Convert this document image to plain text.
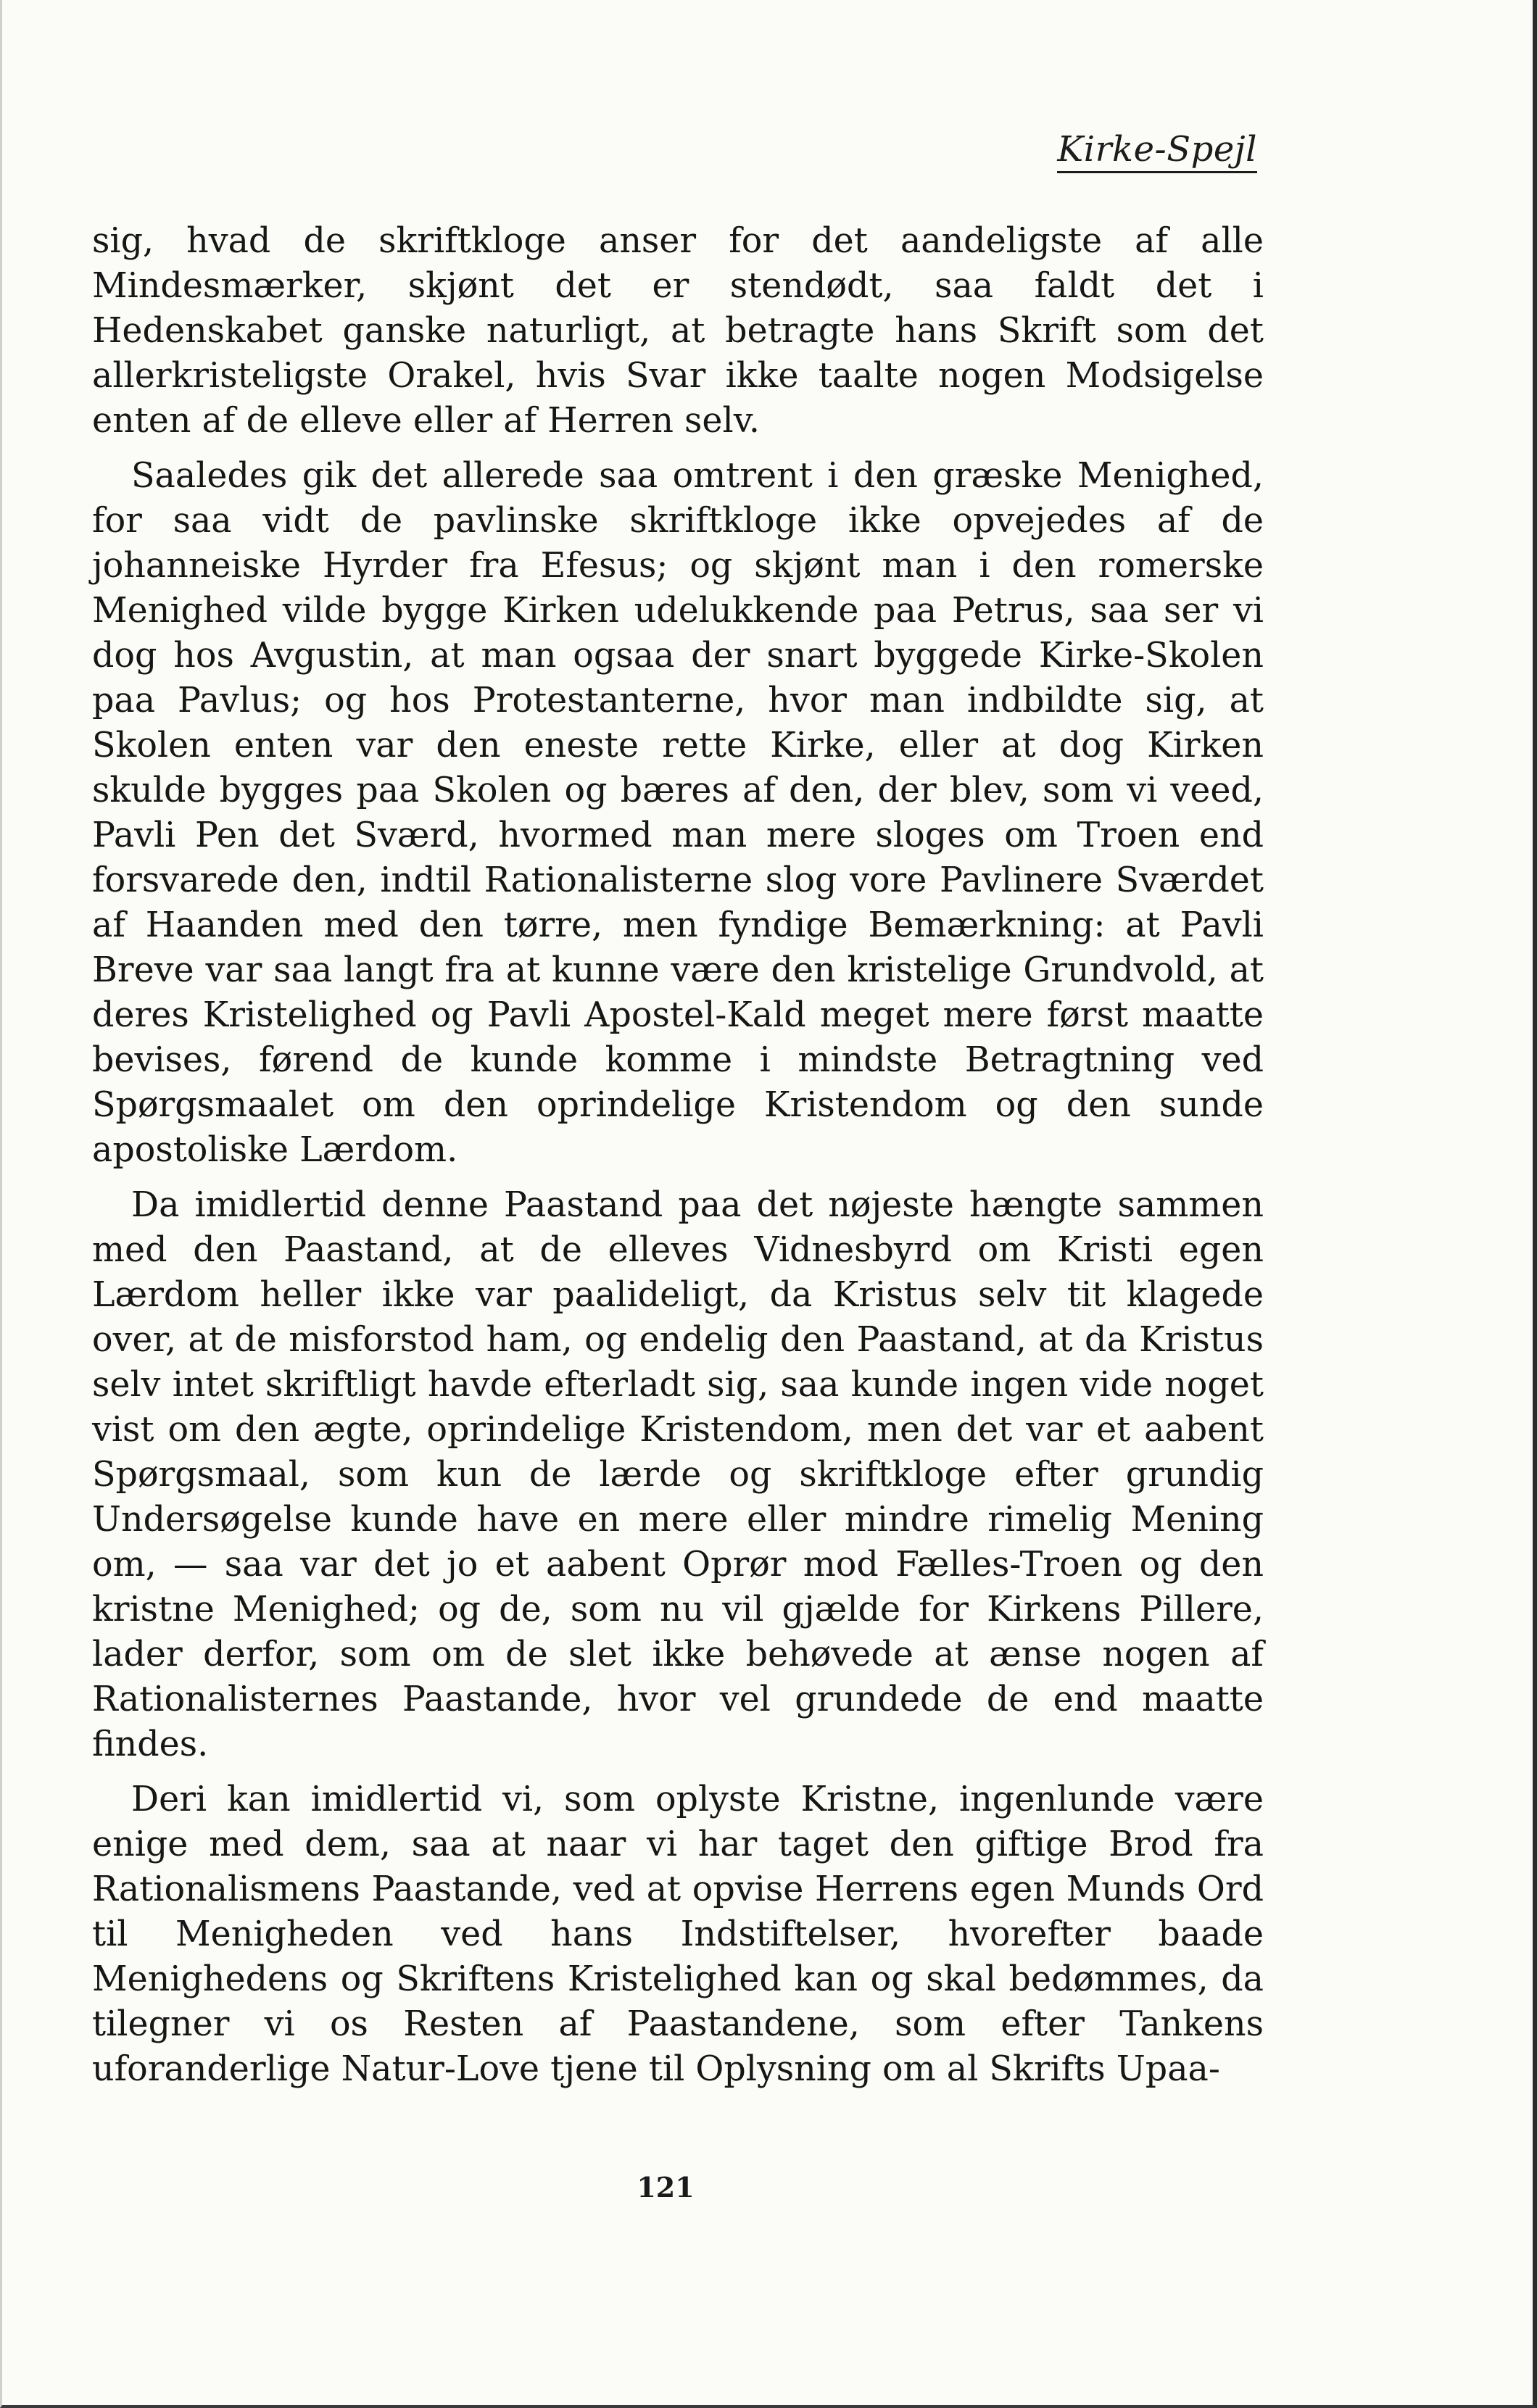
Kirke-Spejl

sig, hvad de skriftkloge anser for det aandeligste af alle Mindesmærker, skjønt det er stendødt, saa faldt det i Hedenskabet ganske naturligt, at betragte hans Skrift som det allerkristeligste Orakel, hvis Svar ikke taalte nogen Modsigelse enten af de elleve eller af Herren selv.

Saaledes gik det allerede saa omtrent i den græske Menighed, for saa vidt de pavlinske skriftkloge ikke opvejedes af de johanneiske Hyrder fra Efesus; og skjønt man i den romerske Menighed vilde bygge Kirken udelukkende paa Petrus, saa ser vi dog hos Avgustin, at man ogsaa der snart byggede Kirke-Skolen paa Pavlus; og hos Protestanterne, hvor man indbildte sig, at Skolen enten var den eneste rette Kirke, eller at dog Kirken skulde bygges paa Skolen og bæres af den, der blev, som vi veed, Pavli Pen det Sværd, hvormed man mere sloges om Troen end forsvarede den, indtil Rationalisterne slog vore Pavlinere Sværdet af Haanden med den tørre, men fyndige Bemærkning: at Pavli Breve var saa langt fra at kunne være den kristelige Grundvold, at deres Kristelighed og Pavli Apostel-Kald meget mere først maatte bevises, førend de kunde komme i mindste Betragtning ved Spørgsmaalet om den oprindelige Kristendom og den sunde apostoliske Lærdom.

Da imidlertid denne Paastand paa det nøjeste hængte sammen med den Paastand, at de elleves Vidnesbyrd om Kristi egen Lærdom heller ikke var paalideligt, da Kristus selv tit klagede over, at de misforstod ham, og endelig den Paastand, at da Kristus selv intet skriftligt havde efterladt sig, saa kunde ingen vide noget vist om den ægte, oprindelige Kristendom, men det var et aabent Spørgsmaal, som kun de lærde og skriftkloge efter grundig Undersøgelse kunde have en mere eller mindre rimelig Mening om, — saa var det jo et aabent Oprør mod Fælles-Troen og den kristne Menighed; og de, som nu vil gjælde for Kirkens Pillere, lader derfor, som om de slet ikke behøvede at ænse nogen af Rationalisternes Paastande, hvor vel grundede de end maatte findes.

Deri kan imidlertid vi, som oplyste Kristne, ingenlunde være enige med dem, saa at naar vi har taget den giftige Brod fra Rationalismens Paastande, ved at opvise Herrens egen Munds Ord til Menigheden ved hans Indstiftelser, hvorefter baade Menighedens og Skriftens Kristelighed kan og skal bedømmes, da tilegner vi os Resten af Paastandene, som efter Tankens uforanderlige Natur-Love tjene til Oplysning om al Skrifts Upaa-

121
